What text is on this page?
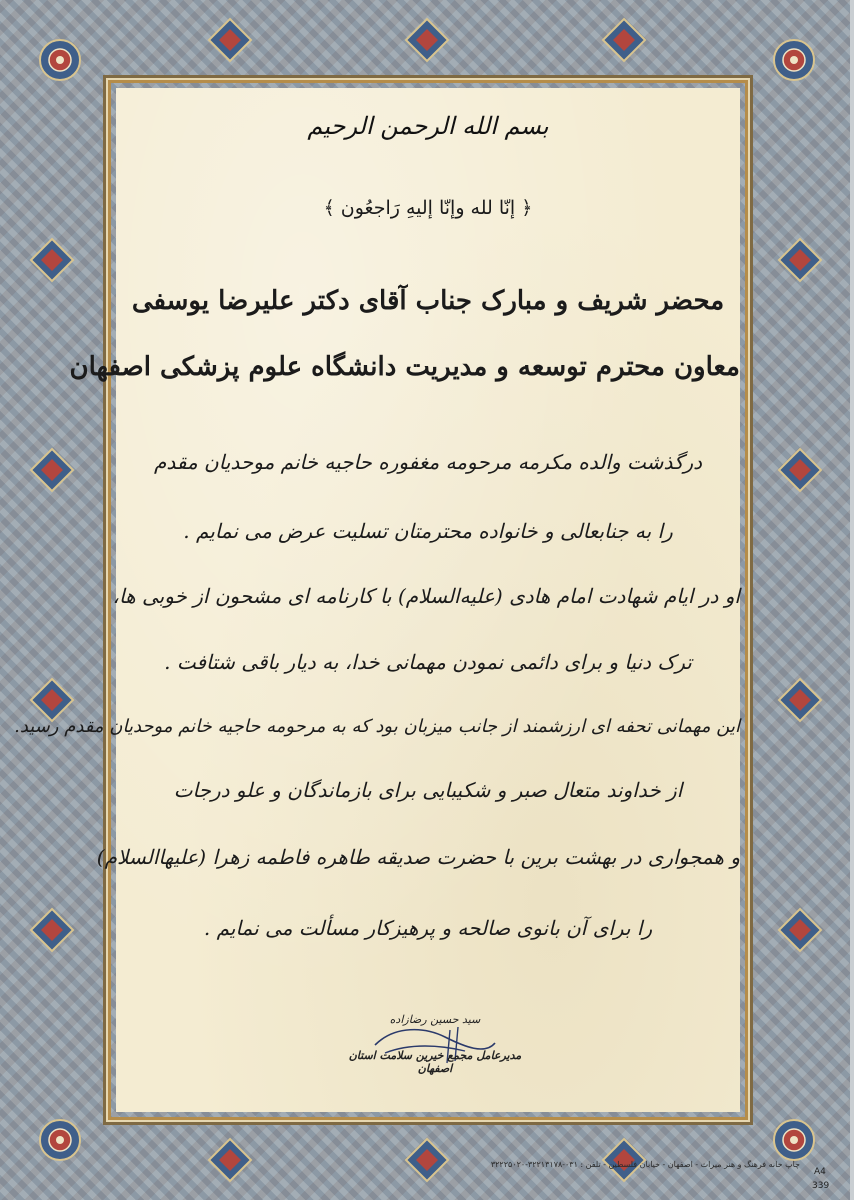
بسم الله الرحمن الرحیم
﴿ إنّا لله وإنّا إليهِ رَاجعُون ﴾
محضر شریف و مبارک جناب آقای دکتر علیرضا یوسفی
معاون محترم توسعه و مدیریت دانشگاه علوم پزشکی اصفهان
درگذشت والده مکرمه مرحومه مغفوره حاجیه خانم موحدیان مقدم
را به جنابعالی و خانواده محترمتان تسلیت عرض می نمایم .
او در ایام شهادت امام هادی (علیه‌السلام) با کارنامه ای مشحون از خوبی ها،
ترک دنیا و برای دائمی نمودن مهمانی خدا، به دیار باقی شتافت .
این مهمانی تحفه ای ارزشمند از جانب میزبان بود که به مرحومه حاجیه خانم موحدیان مقدم رسید.
از خداوند متعال صبر و شکیبایی برای بازماندگان و علو درجات
و همجواری در بهشت برین با حضرت صدیقه طاهره فاطمه زهرا (علیهاالسلام)
را برای آن بانوی صالحه و پرهیزکار مسألت می نمایم .
سید حسین رضازاده
مدیرعامل مجمع خیرین سلامت استان اصفهان
چاپ خانه فرهنگ و هنر میراث - اصفهان - خیابان فلسطین - تلفن : ۰۳۱-۳۲۲۱۳۱۷۸-۳۲۲۲۵۰۲۰
A4
339
